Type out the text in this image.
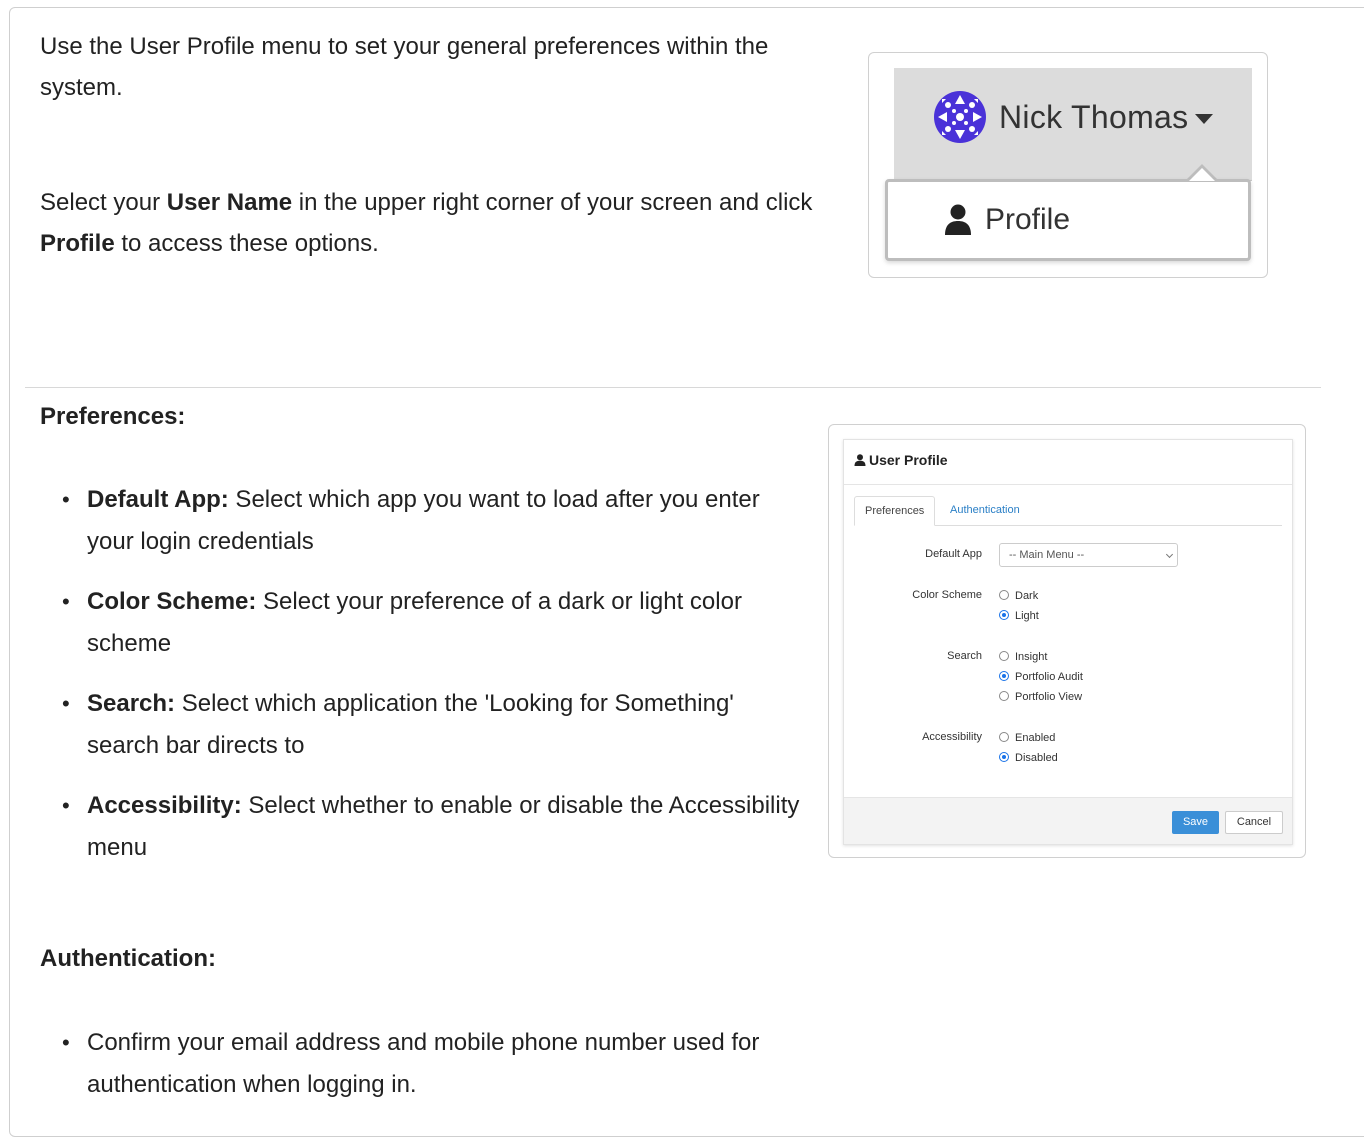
Use the User Profile menu to set your general preferences within the system.

Select your User Name in the upper right corner of your screen and click Profile to access these options.

Nick Thomas
Profile
Preferences:
• Default App: Select which app you want to load after you enter your login credentials
• Color Scheme: Select your preference of a dark or light color scheme
• Search: Select which application the 'Looking for Something' search bar directs to
• Accessibility: Select whether to enable or disable the Accessibility menu
Authentication:
• Confirm your email address and mobile phone number used for authentication when logging in.
User Profile
Preferences	Authentication
Default App	-- Main Menu --
Color Scheme	Dark
Light
Search	Insight
Portfolio Audit
Portfolio View
Accessibility	Enabled
Disabled
Save	Cancel
